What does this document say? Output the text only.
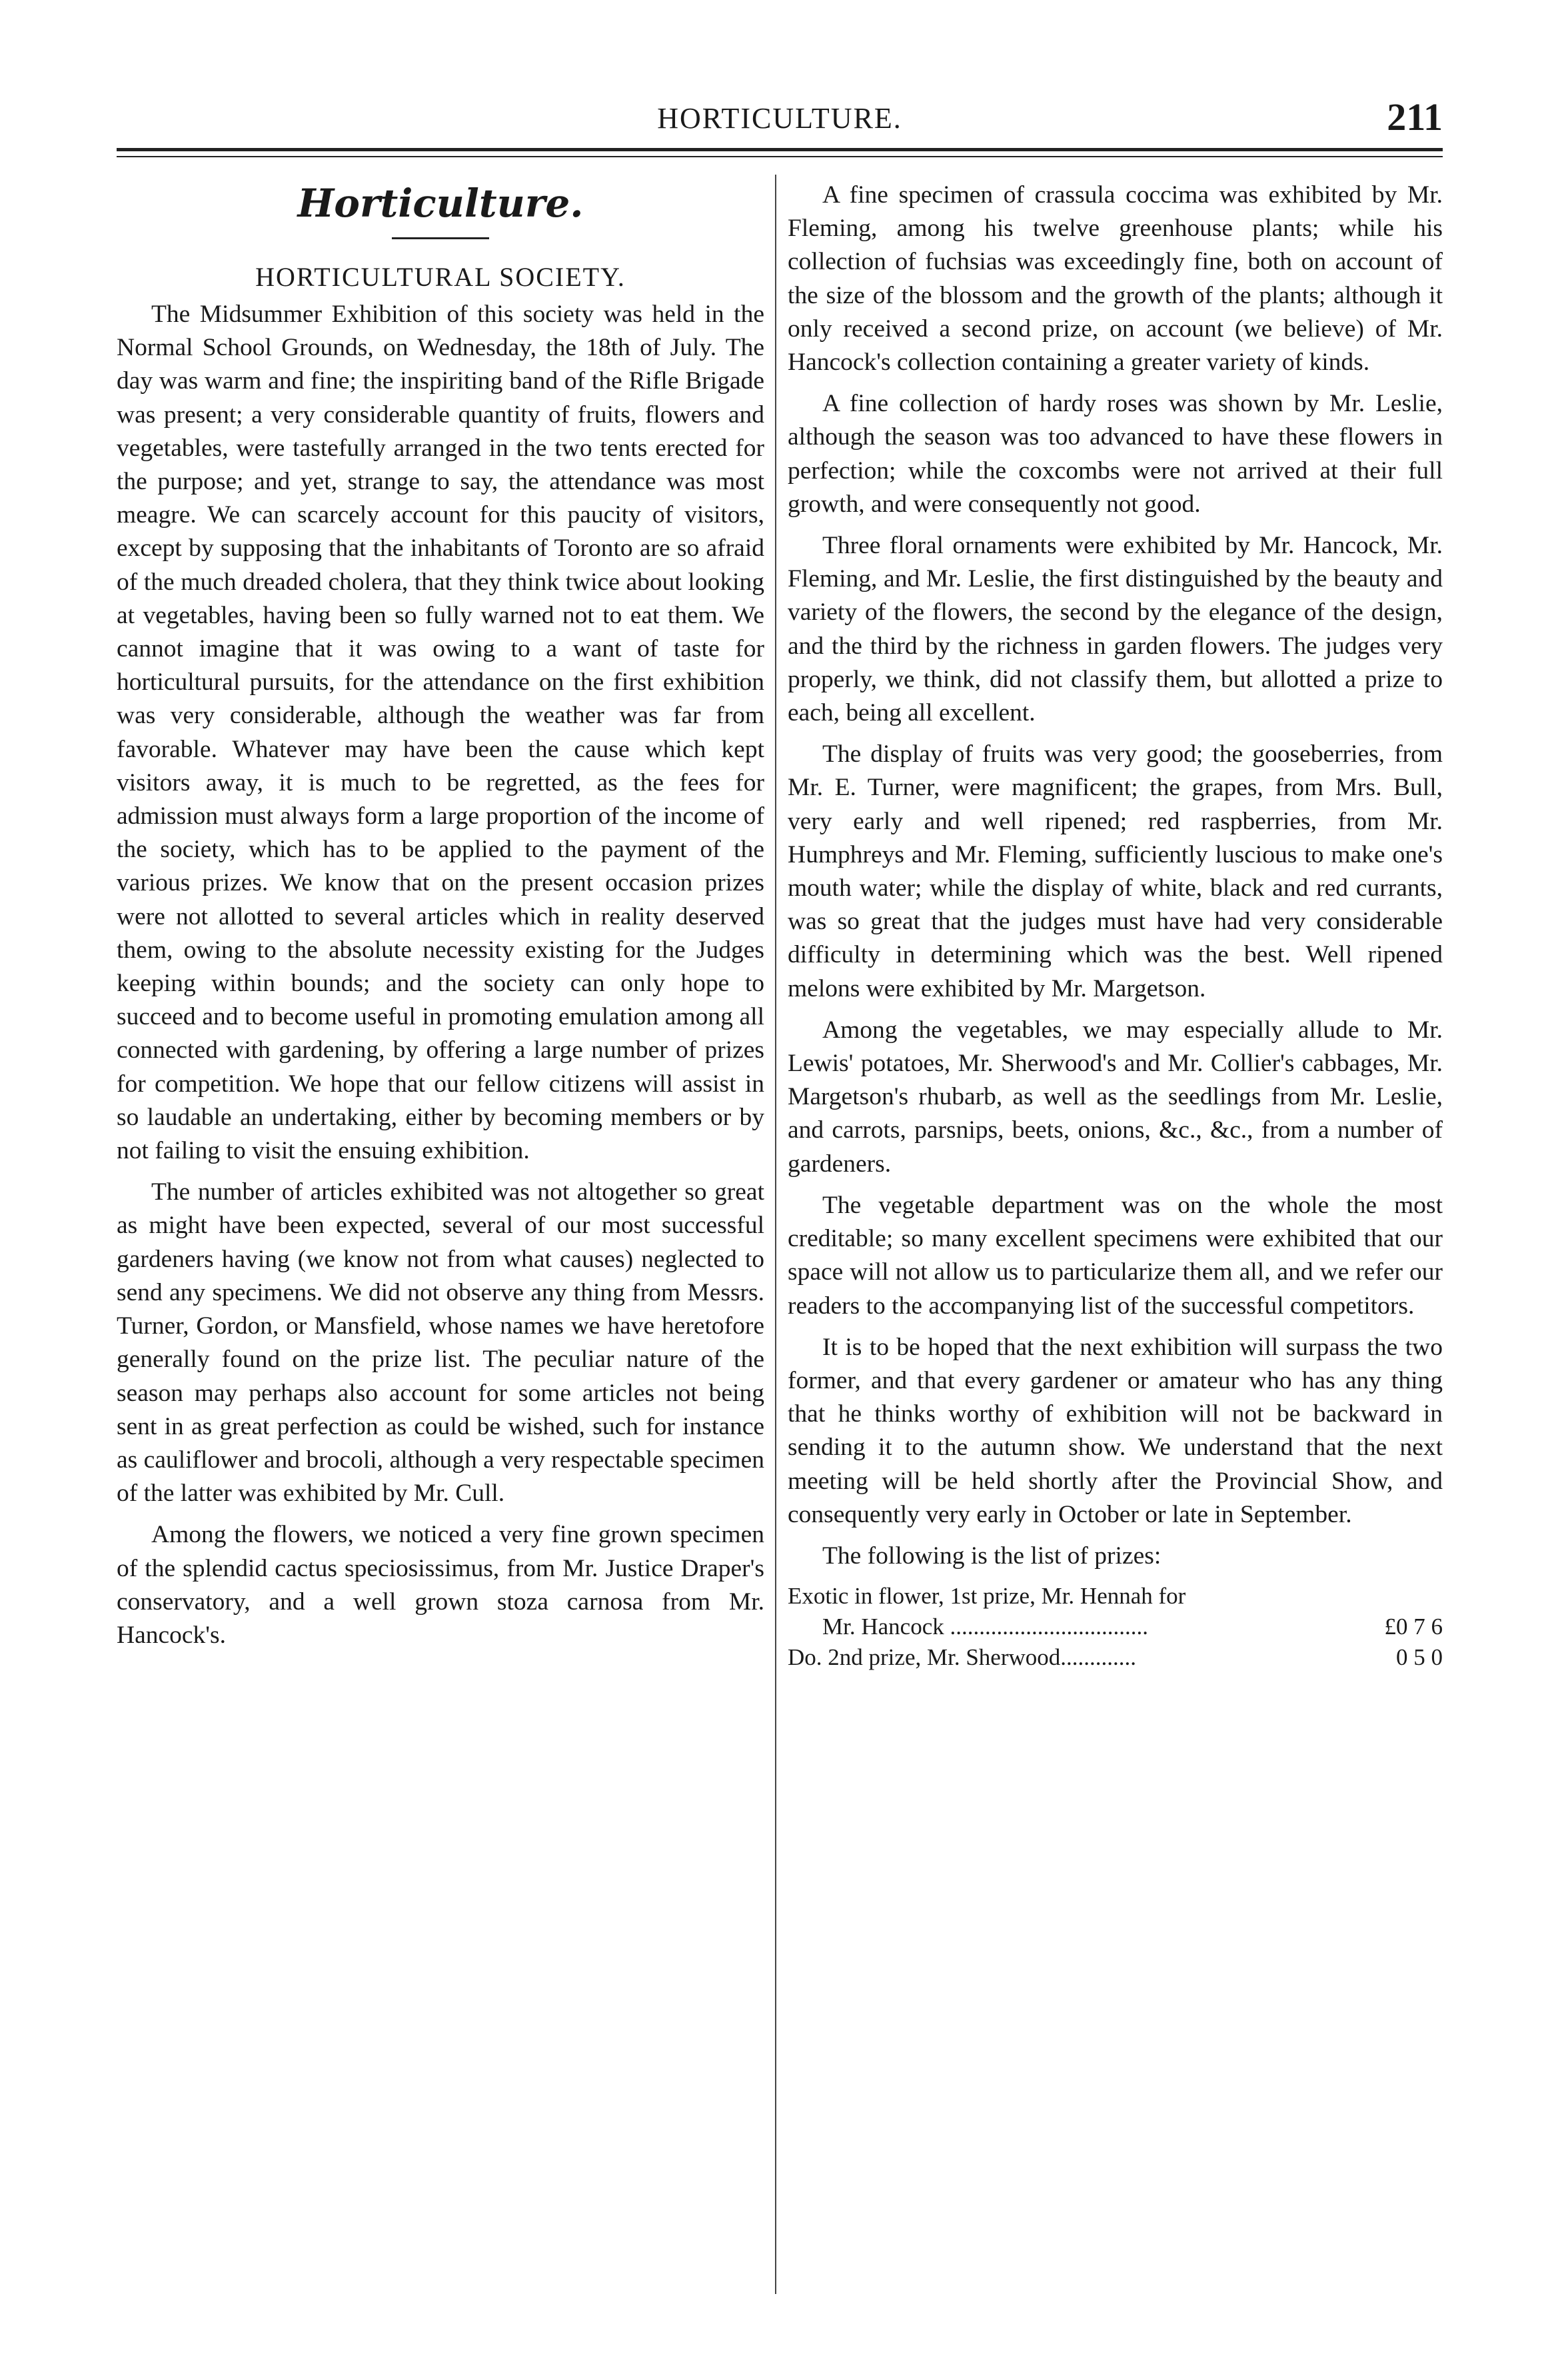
HORTICULTURE.	211
Horticulture.
HORTICULTURAL SOCIETY.

The Midsummer Exhibition of this society was held in the Normal School Grounds, on Wednesday, the 18th of July. The day was warm and fine; the inspiriting band of the Rifle Brigade was present; a very considerable quantity of fruits, flowers and vegetables, were tastefully arranged in the two tents erected for the purpose; and yet, strange to say, the attendance was most meagre. We can scarcely account for this paucity of visitors, except by supposing that the inhabitants of Toronto are so afraid of the much dreaded cholera, that they think twice about looking at vegetables, having been so fully warned not to eat them. We cannot imagine that it was owing to a want of taste for horticultural pursuits, for the attendance on the first exhibition was very considerable, although the weather was far from favorable. Whatever may have been the cause which kept visitors away, it is much to be regretted, as the fees for admission must always form a large proportion of the income of the society, which has to be applied to the payment of the various prizes. We know that on the present occasion prizes were not allotted to several articles which in reality deserved them, owing to the absolute necessity existing for the Judges keeping within bounds; and the society can only hope to succeed and to become useful in promoting emulation among all connected with gardening, by offering a large number of prizes for competition. We hope that our fellow citizens will assist in so laudable an undertaking, either by becoming members or by not failing to visit the ensuing exhibition.

The number of articles exhibited was not altogether so great as might have been expected, several of our most successful gardeners having (we know not from what causes) neglected to send any specimens. We did not observe any thing from Messrs. Turner, Gordon, or Mansfield, whose names we have heretofore generally found on the prize list. The peculiar nature of the season may perhaps also account for some articles not being sent in as great perfection as could be wished, such for instance as cauliflower and brocoli, although a very respectable specimen of the latter was exhibited by Mr. Cull.

Among the flowers, we noticed a very fine grown specimen of the splendid cactus speciosissimus, from Mr. Justice Draper's conservatory, and a well grown stoza carnosa from Mr. Hancock's.

A fine specimen of crassula coccima was exhibited by Mr. Fleming, among his twelve greenhouse plants; while his collection of fuchsias was exceedingly fine, both on account of the size of the blossom and the growth of the plants; although it only received a second prize, on account (we believe) of Mr. Hancock's collection containing a greater variety of kinds.

A fine collection of hardy roses was shown by Mr. Leslie, although the season was too advanced to have these flowers in perfection; while the coxcombs were not arrived at their full growth, and were consequently not good.

Three floral ornaments were exhibited by Mr. Hancock, Mr. Fleming, and Mr. Leslie, the first distinguished by the beauty and variety of the flowers, the second by the elegance of the design, and the third by the richness in garden flowers. The judges very properly, we think, did not classify them, but allotted a prize to each, being all excellent.

The display of fruits was very good; the gooseberries, from Mr. E. Turner, were magnificent; the grapes, from Mrs. Bull, very early and well ripened; red raspberries, from Mr. Humphreys and Mr. Fleming, sufficiently luscious to make one's mouth water; while the display of white, black and red currants, was so great that the judges must have had very considerable difficulty in determining which was the best. Well ripened melons were exhibited by Mr. Margetson.

Among the vegetables, we may especially allude to Mr. Lewis' potatoes, Mr. Sherwood's and Mr. Collier's cabbages, Mr. Margetson's rhubarb, as well as the seedlings from Mr. Leslie, and carrots, parsnips, beets, onions, &c., &c., from a number of gardeners.

The vegetable department was on the whole the most creditable; so many excellent specimens were exhibited that our space will not allow us to particularize them all, and we refer our readers to the accompanying list of the successful competitors.

It is to be hoped that the next exhibition will surpass the two former, and that every gardener or amateur who has any thing that he thinks worthy of exhibition will not be backward in sending it to the autumn show. We understand that the next meeting will be held shortly after the Provincial Show, and consequently very early in October or late in September.

The following is the list of prizes:

Exotic in flower, 1st prize, Mr. Hennah for
Mr. Hancock ..................................	£0 7 6
Do. 2nd prize, Mr. Sherwood.............	0 5 0
